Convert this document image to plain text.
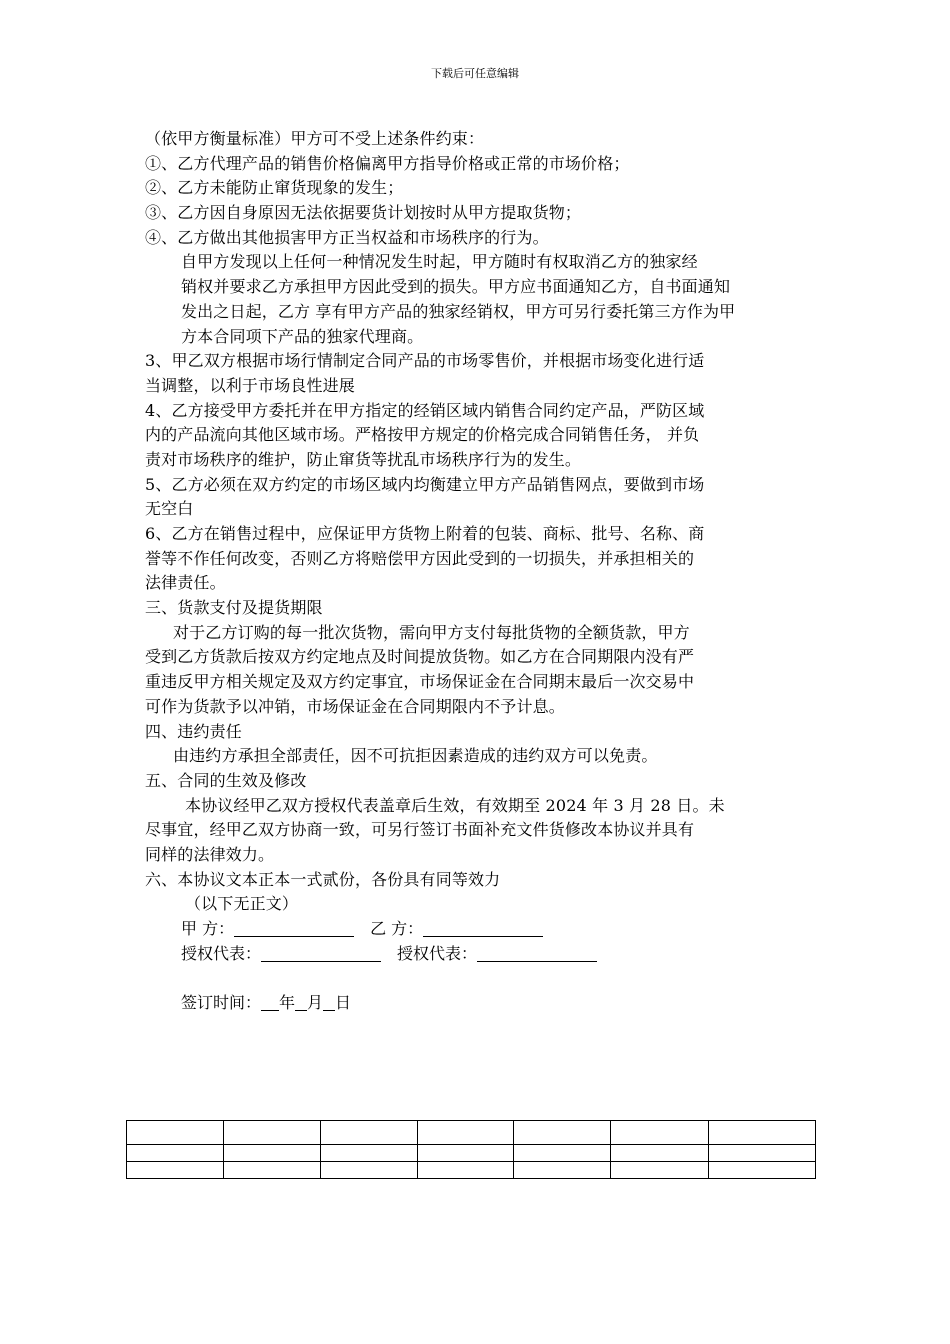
下载后可任意编辑
（依甲方衡量标准）甲方可不受上述条件约束：
①、乙方代理产品的销售价格偏离甲方指导价格或正常的市场价格；
②、乙方未能防止窜货现象的发生；
③、乙方因自身原因无法依据要货计划按时从甲方提取货物；
④、乙方做出其他损害甲方正当权益和市场秩序的行为。
自甲方发现以上任何一种情况发生时起，甲方随时有权取消乙方的独家经
销权并要求乙方承担甲方因此受到的损失。甲方应书面通知乙方，自书面通知
发出之日起，乙方 享有甲方产品的独家经销权，甲方可另行委托第三方作为甲
方本合同项下产品的独家代理商。
3、甲乙双方根据市场行情制定合同产品的市场零售价，并根据市场变化进行适
当调整，以利于市场良性进展
4、乙方接受甲方委托并在甲方指定的经销区域内销售合同约定产品，严防区域
内的产品流向其他区域市场。严格按甲方规定的价格完成合同销售任务， 并负
责对市场秩序的维护，防止窜货等扰乱市场秩序行为的发生。
5、乙方必须在双方约定的市场区域内均衡建立甲方产品销售网点，要做到市场
无空白
6、乙方在销售过程中，应保证甲方货物上附着的包装、商标、批号、名称、商
誉等不作任何改变，否则乙方将赔偿甲方因此受到的一切损失，并承担相关的
法律责任。
三、货款支付及提货期限
对于乙方订购的每一批次货物，需向甲方支付每批货物的全额货款，甲方
受到乙方货款后按双方约定地点及时间提放货物。如乙方在合同期限内没有严
重违反甲方相关规定及双方约定事宜，市场保证金在合同期末最后一次交易中
可作为货款予以冲销，市场保证金在合同期限内不予计息。
四、违约责任
由违约方承担全部责任，因不可抗拒因素造成的违约双方可以免责。
五、合同的生效及修改
本协议经甲乙双方授权代表盖章后生效，有效期至 2024 年 3 月 28 日。未
尽事宜，经甲乙双方协商一致，可另行签订书面补充文件货修改本协议并具有
同样的法律效力。
六、本协议文本正本一式贰份，各份具有同等效力
（以下无正文）
甲 方：	乙 方：
授权代表：	授权代表：
签订时间： 年 月 日
